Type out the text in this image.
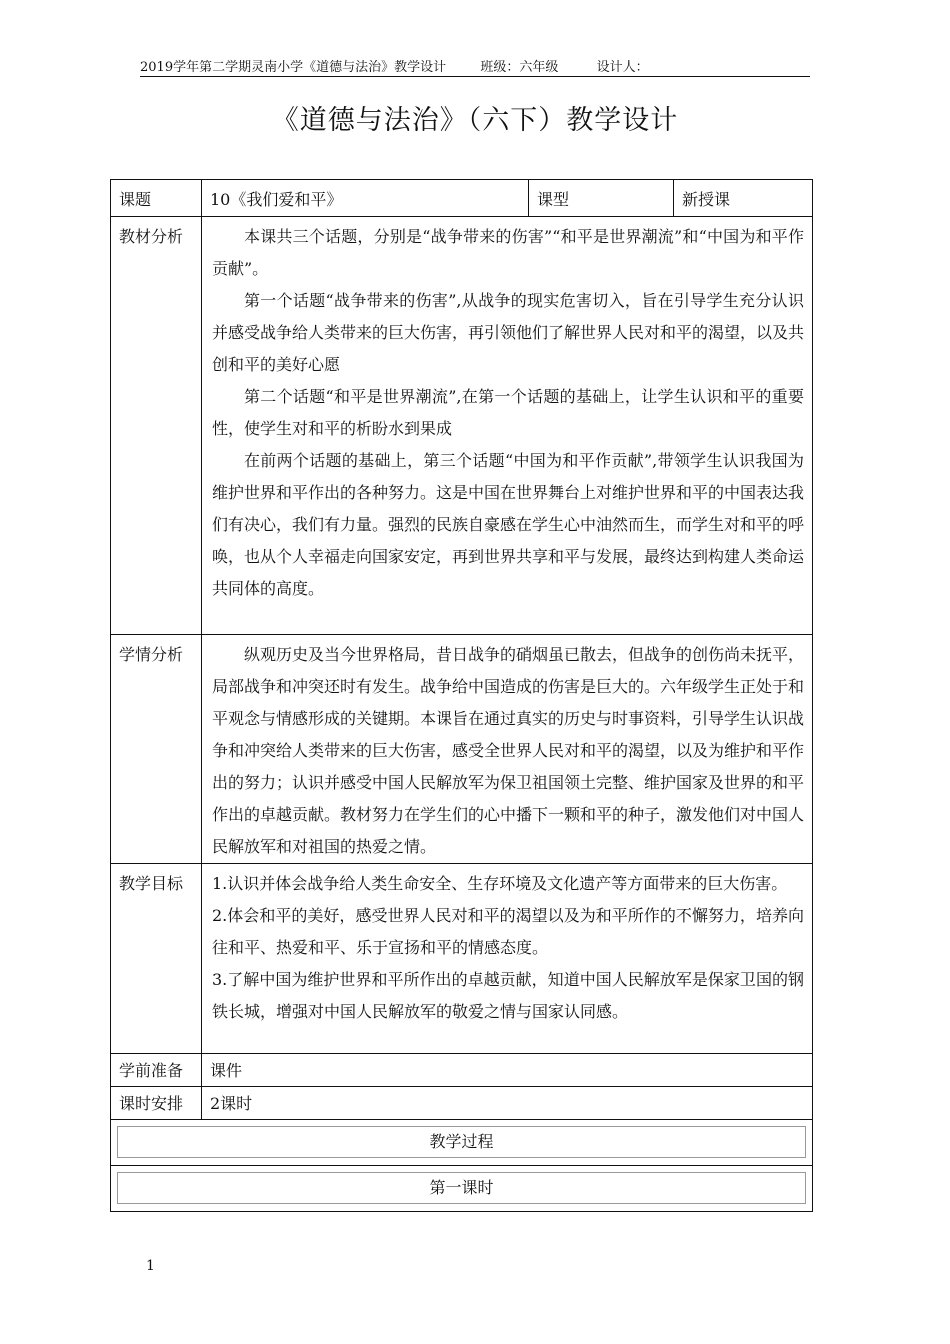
2019学年第二学期灵南小学《道德与法治》教学设计	班级：六年级	设计人：
《道德与法治》（六下）教学设计
课题	10《我们爱和平》	课型	新授课
教材分析	本课共三个话题，分别是“战争带来的伤害”“和平是世界潮流”和“中国为和平作贡献”。

第一个话题“战争带来的伤害”,从战争的现实危害切入，旨在引导学生充分认识并感受战争给人类带来的巨大伤害，再引领他们了解世界人民对和平的渴望，以及共创和平的美好心愿

第二个话题“和平是世界潮流”,在第一个话题的基础上，让学生认识和平的重要性，使学生对和平的析盼水到果成

在前两个话题的基础上，第三个话题“中国为和平作贡献”,带领学生认识我国为维护世界和平作出的各种努力。这是中国在世界舞台上对维护世界和平的中国表达我们有决心，我们有力量。强烈的民族自豪感在学生心中油然而生，而学生对和平的呼唤，也从个人幸福走向国家安定，再到世界共享和平与发展，最终达到构建人类命运共同体的高度。		

学情分析	纵观历史及当今世界格局，昔日战争的硝烟虽已散去，但战争的创伤尚未抚平，局部战争和冲突还时有发生。战争给中国造成的伤害是巨大的。六年级学生正处于和平观念与情感形成的关键期。本课旨在通过真实的历史与时事资料，引导学生认识战争和冲突给人类带来的巨大伤害，感受全世界人民对和平的渴望，以及为维护和平作出的努力；认识并感受中国人民解放军为保卫祖国领土完整、维护国家及世界的和平作出的卓越贡献。教材努力在学生们的心中播下一颗和平的种子，激发他们对中国人民解放军和对祖国的热爱之情。		

教学目标	1.认识并体会战争给人类生命安全、生存环境及文化遗产等方面带来的巨大伤害。

2.体会和平的美好，感受世界人民对和平的渴望以及为和平所作的不懈努力，培养向往和平、热爱和平、乐于宣扬和平的情感态度。

3.了解中国为维护世界和平所作出的卓越贡献，知道中国人民解放军是保家卫国的钢铁长城，增强对中国人民解放军的敬爱之情与国家认同感。		

学前准备	课件		
课时安排	2课时		

教学过程			

第一课时			
1
